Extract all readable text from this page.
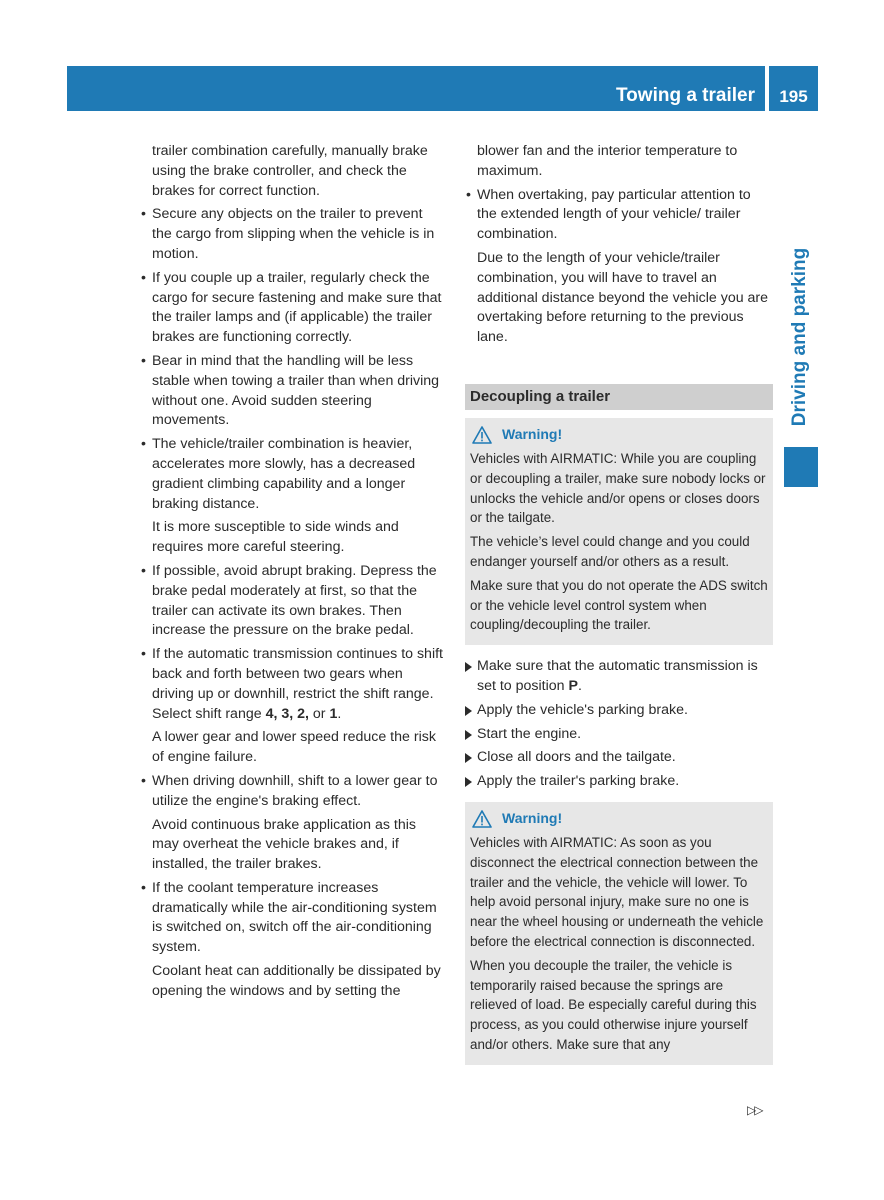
Towing a trailer	195
Driving and parking

trailer combination carefully, manually brake using the brake controller, and check the brakes for correct function.

• Secure any objects on the trailer to prevent the cargo from slipping when the vehicle is in motion.

• If you couple up a trailer, regularly check the cargo for secure fastening and make sure that the trailer lamps and (if applicable) the trailer brakes are functioning correctly.

• Bear in mind that the handling will be less stable when towing a trailer than when driving without one. Avoid sudden steering movements.

• The vehicle/trailer combination is heavier, accelerates more slowly, has a decreased gradient climbing capability and a longer braking distance.

It is more susceptible to side winds and requires more careful steering.

• If possible, avoid abrupt braking. Depress the brake pedal moderately at first, so that the trailer can activate its own brakes. Then increase the pressure on the brake pedal.

• If the automatic transmission continues to shift back and forth between two gears when driving up or downhill, restrict the shift range. Select shift range 4, 3, 2, or 1.

A lower gear and lower speed reduce the risk of engine failure.

• When driving downhill, shift to a lower gear to utilize the engine's braking effect.

Avoid continuous brake application as this may overheat the vehicle brakes and, if installed, the trailer brakes.

• If the coolant temperature increases dramatically while the air-conditioning system is switched on, switch off the air-conditioning system.

Coolant heat can additionally be dissipated by opening the windows and by setting the

blower fan and the interior temperature to maximum.

• When overtaking, pay particular attention to the extended length of your vehicle/ trailer combination.

Due to the length of your vehicle/trailer combination, you will have to travel an additional distance beyond the vehicle you are overtaking before returning to the previous lane.

Decoupling a trailer
Warning!

Vehicles with AIRMATIC: While you are coupling or decoupling a trailer, make sure nobody locks or unlocks the vehicle and/or opens or closes doors or the tailgate.

The vehicle’s level could change and you could endanger yourself and/or others as a result.

Make sure that you do not operate the ADS switch or the vehicle level control system when coupling/decoupling the trailer.

Make sure that the automatic transmission is set to position P.

Apply the vehicle's parking brake.

Start the engine.

Close all doors and the tailgate.

Apply the trailer's parking brake.

Warning!

Vehicles with AIRMATIC: As soon as you disconnect the electrical connection between the trailer and the vehicle, the vehicle will lower. To help avoid personal injury, make sure no one is near the wheel housing or underneath the vehicle before the electrical connection is disconnected.

When you decouple the trailer, the vehicle is temporarily raised because the springs are relieved of load. Be especially careful during this process, as you could otherwise injure yourself and/or others. Make sure that any

▷▷
